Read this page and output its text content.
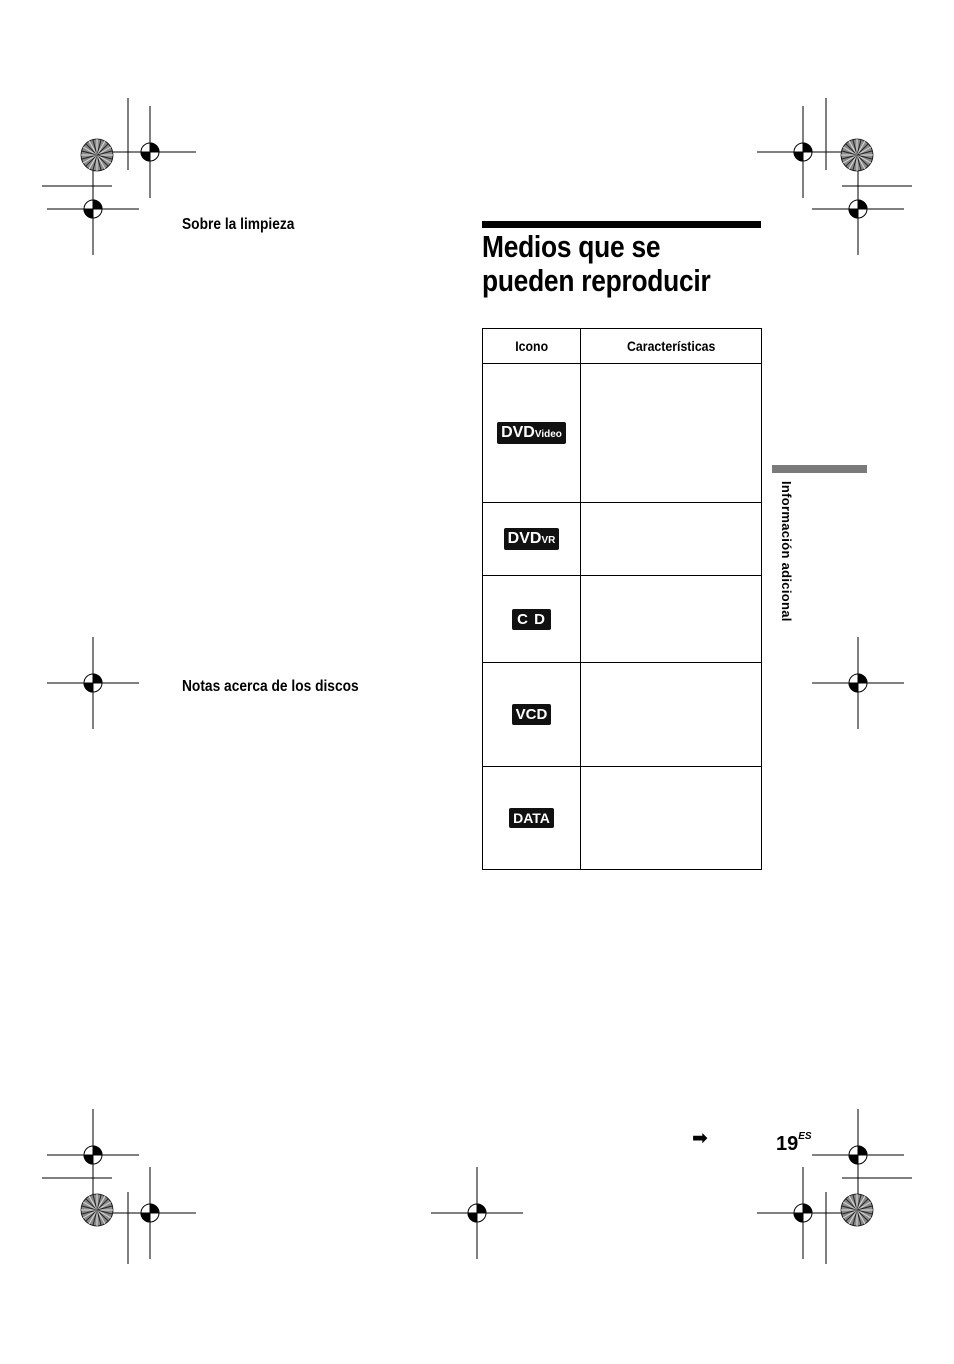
Sobre la limpieza
Notas acerca de los discos
Medios que se pueden reproducir
Icono	Características
DVDVideo	
DVDVR	
C D	
VCD	
DATA	
Información adicional
➡	$19^{ES}$
